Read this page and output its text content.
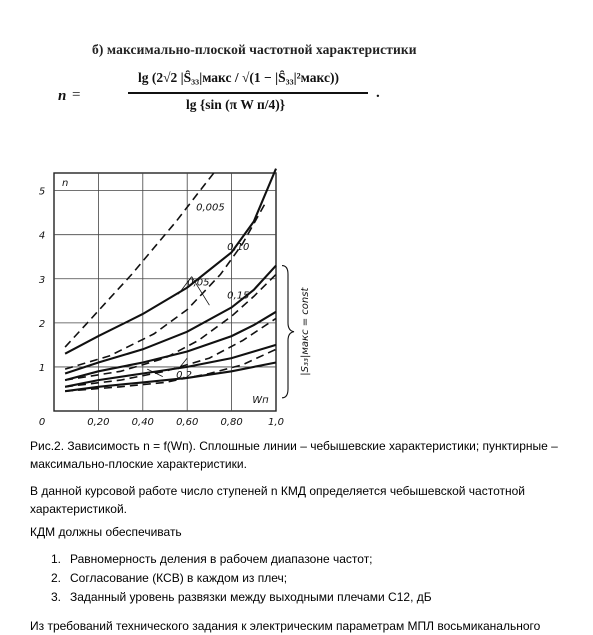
б) максимально-плоской частотной характеристики
n =
lg (2√2 |S̑₃₃|макс / √(1 − |S̑₃₃|²макс))
lg {sin (π W п/4)}
.
0	0,20 0,40 0,60 0,80	1,0
1
2
3
4
5
Wп
n
0,005
0,10
0,05
0,15
0,2	|S₃₃|макс = const
Рис.2. Зависимость n = f(Wп). Сплошные линии – чебышевские характеристики; пунктирные – максимально-плоские характеристики.
В данной курсовой работе число ступеней n КМД определяется чебышевской частотной характеристикой.
КДМ должны обеспечивать
1. Равномерность деления в рабочем диапазоне частот;
2. Согласование (КСВ) в каждом из плеч;
3. Заданный уровень развязки между выходными плечами С12, дБ
Из требований технического задания к электрическим параметрам МПЛ восьмиканального
